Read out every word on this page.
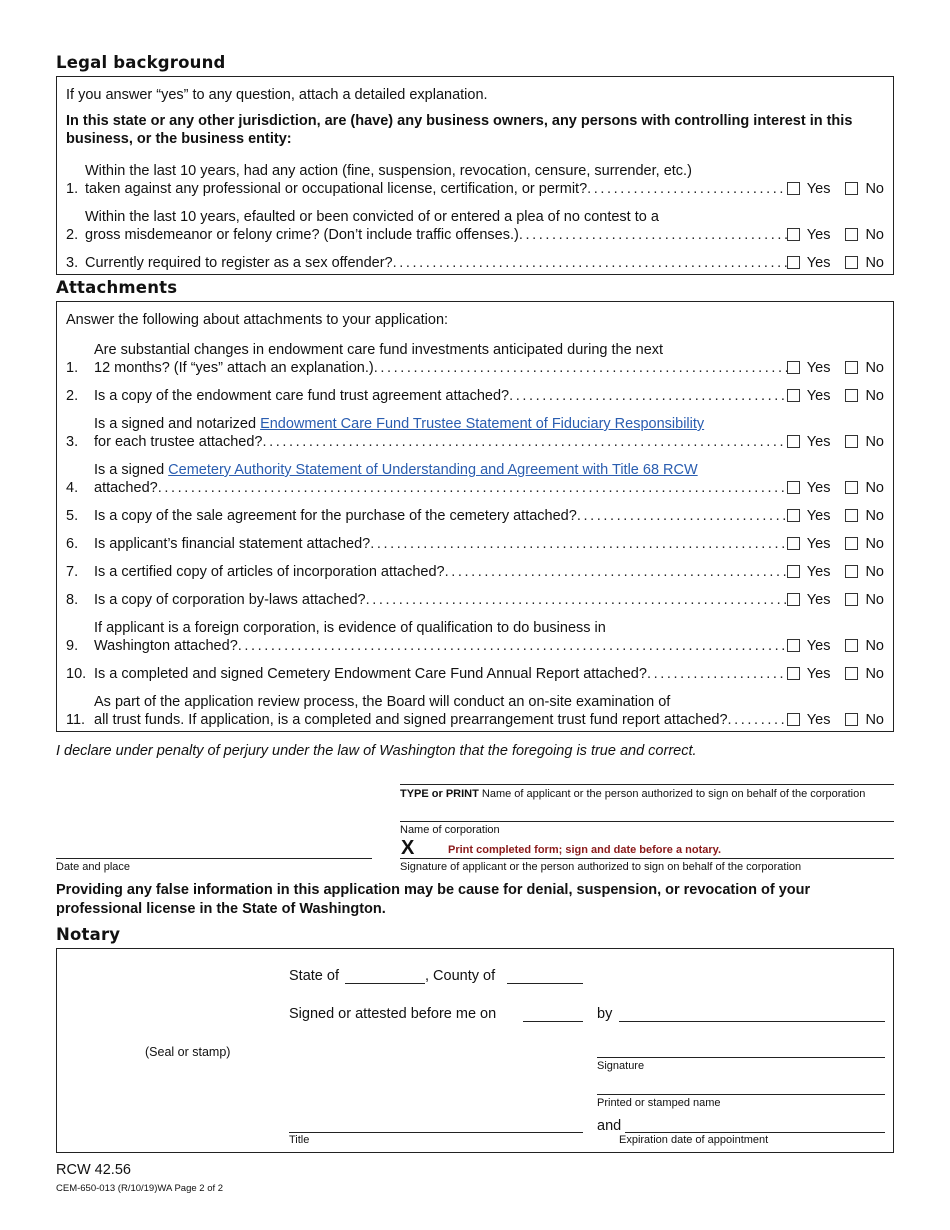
Legal background
If you answer “yes” to any question, attach a detailed explanation.
In this state or any other jurisdiction, are (have) any business owners, any persons with controlling interest in this business, or the business entity:
1.
Within the last 10 years, had any action (fine, suspension, revocation, censure, surrender, etc.)
taken against any professional or occupational license, certification, or permit? .....	Yes No
2.
Within the last 10 years, efaulted or been convicted of or entered a plea of no contest to a
gross misdemeanor or felony crime? (Don’t include traffic offenses.) .....	Yes No
3. Currently required to register as a sex offender? .....	Yes No
Attachments
Answer the following about attachments to your application:
1.
Are substantial changes in endowment care fund investments anticipated during the next
12 months? (If “yes” attach an explanation.) .....	Yes No
2.	Is a copy of the endowment care fund trust agreement attached? .....	Yes No
3.
Is a signed and notarized Endowment Care Fund Trustee Statement of Fiduciary Responsibility
for each trustee attached? .....	Yes No
4.
Is a signed Cemetery Authority Statement of Understanding and Agreement with Title 68 RCW
attached? .....	Yes No
5.	Is a copy of the sale agreement for the purchase of the cemetery attached? .....	Yes No
6.	Is applicant’s financial statement attached? .....	Yes No
7.	Is a certified copy of articles of incorporation attached? .....	Yes No
8.	Is a copy of corporation by-laws attached? .....	Yes No
9.
If applicant is a foreign corporation, is evidence of qualification to do business in
Washington attached? .....	Yes No
10. Is a completed and signed Cemetery Endowment Care Fund Annual Report attached? .....	Yes No
11.
As part of the application review process, the Board will conduct an on-site examination of
all trust funds. If application, is a completed and signed prearrangement trust fund report attached? .....	Yes No

I declare under penalty of perjury under the law of Washington that the foregoing is true and correct.

TYPE or PRINT Name of applicant or the person authorized to sign on behalf of the corporation
Name of corporation
X	Print completed form; sign and date before a notary.
Date and place	Signature of applicant or the person authorized to sign on behalf of the corporation

Providing any false information in this application may be cause for denial, suspension, or revocation of your professional license in the State of Washington.

Notary
(Seal or stamp)
State of	, County of
Signed or attested before me on	by
Signature
Printed or stamped name
Title
and
Expiration date of appointment
RCW 42.56
CEM-650-013 (R/10/19)WA Page 2 of 2
